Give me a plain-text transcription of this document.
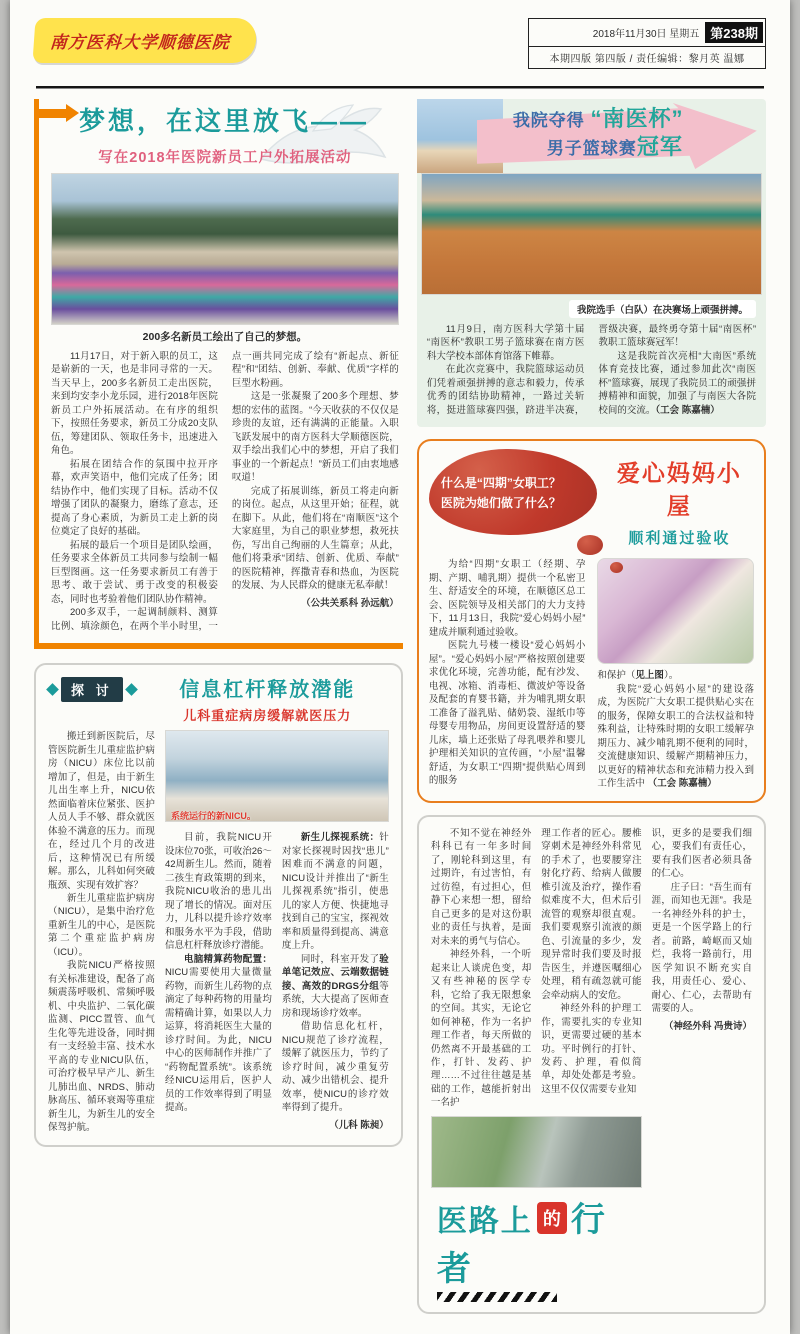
南方医科大学顺德医院	2018年11月30日 星期五 第238期
本期四版 第四版 / 责任编辑：黎月英 温娜
梦想，在这里放飞——
写在2018年医院新员工户外拓展活动

200多名新员工绘出了自己的梦想。

11月17日，对于新入职的员工，这是崭新的一天，也是非同寻常的一天。当天早上，200多名新员工走出医院，来到均安李小龙乐园，进行2018年医院新员工户外拓展活动。在有序的组织下，按照任务要求，新员工分成20支队伍，筹建团队、领取任务卡，迅速进入角色。

拓展在团结合作的氛围中拉开序幕，欢声笑语中，他们完成了任务；团结协作中，他们实现了目标。活动不仅增强了团队的凝聚力，磨练了意志，还提高了身心素质，为新员工走上新的岗位奠定了良好的基础。

拓展的最后一个项目是团队绘画，任务要求全体新员工共同参与绘制一幅巨型图画。这一任务要求新员工有善于思考、敢于尝试、勇于改变的积极姿态，同时也考验着他们团队协作精神。

200多双手，一起调制颜料、测算比例、填涂颜色，在两个半小时里，一点一画共同完成了绘有“新起点、新征程”和“团结、创新、奉献、优质”字样的巨型水粉画。

这是一张凝聚了200多个理想、梦想的宏伟的蓝图。“今天收获的不仅仅是珍贵的友谊，还有满满的正能量。入职飞跃发展中的南方医科大学顺德医院，双手绘出我们心中的梦想，开启了我们事业的一个新起点！”新员工们由衷地感叹道！

完成了拓展训练，新员工将走向新的岗位。起点，从这里开始；征程，就在脚下。从此，他们将在“南顺医”这个大家庭里，为自己的职业梦想，救死扶伤，写出自己绚丽的人生篇章；从此，他们将秉承“团结、创新、优质、奉献”的医院精神，挥撒青春和热血，为医院的发展、为人民群众的健康无私奉献！

（公共关系科 孙远航）
探 讨	信息杠杆释放潜能
儿科重症病房缓解就医压力

搬迁到新医院后，尽管医院新生儿重症监护病房（NICU）床位比以前增加了，但是，由于新生儿出生率上升，NICU依然面临着床位紧张、医护人员人手不够、群众就医体验不满意的压力。而现在，经过几个月的改进后，这种情况已有所缓解。那么，儿科如何突破瓶颈、实现有效扩容？

新生儿重症监护病房（NICU），是集中治疗危重新生儿的中心，是医院第二个重症监护病房（ICU）。

我院NICU严格按照有关标准建设，配备了高频震荡呼吸机、常频呼吸机、中央监护、二氧化碳监测、PICC置管、血气生化等先进设备，同时拥有一支经验丰富、技术水平高的专业NICU队伍，可治疗极早早产儿、新生儿肺出血、NRDS、肺动脉高压、循环衰竭等重症新生儿，为新生儿的安全保驾护航。

系统运行的新NICU。

目前，我院NICU开设床位70张，可收治26～42周新生儿。然而，随着二孩生育政策期的到来，我院NICU收治的患儿出现了增长的情况。面对压力，儿科以提升诊疗效率和服务水平为手段，借助信息杠杆释放诊疗潜能。

电脑精算药物配置：NICU需要使用大量微量药物，而新生儿药物的点滴定了每种药物的用量均需精确计算，如果以人力运算，将消耗医生大量的诊疗时间。为此，NICU中心的医师制作并推广了“药物配置系统”。该系统经NICU运用后，医护人员的工作效率得到了明显提高。

新生儿探视系统：针对家长探视时因找“患儿”困难而不满意的问题，NICU设计并推出了“新生儿探视系统”指引，使患儿的家人方便、快捷地寻找到自己的宝宝，探视效率和质量得到提高、满意度上升。

同时，科室开发了验单笔记效应、云端数据链接、高效的DRGS分组等系统，大大提高了医师查房和现场诊疗效率。

借助信息化杠杆，NICU规范了诊疗流程，缓解了就医压力，节约了诊疗时间，减少重复劳动、减少出错机会、提升效率，使NICU的诊疗效率得到了提升。

（儿科 陈昶）
我院夺得 “南医杯”
男子篮球赛冠军
我院选手（白队）在决赛场上顽强拼搏。

11月9日，南方医科大学第十届“南医杯”教职工男子篮球赛在南方医科大学校本部体育馆落下帷幕。

在此次竞赛中，我院篮球运动员们凭着顽强拼搏的意志和毅力，传承优秀的团结协助精神，一路过关斩将，挺进篮球赛四强，跻进半决赛，晋级决赛，最终勇夺第十届“南医杯”教职工篮球赛冠军！

这是我院首次亮相“大南医”系统体育竞技比赛，通过参加此次“南医杯”篮球赛，展现了我院员工的顽强拼搏精神和面貌，加强了与南医大各院校间的交流。（工会 陈嘉楠）

什么是“四期”女职工？

医院为她们做了什么？

爱心妈妈小屋
顺利通过验收

为给“四期”女职工（经期、孕期、产期、哺乳期）提供一个私密卫生、舒适安全的环境，在顺德区总工会、医院领导及相关部门的大力支持下，11月13日，我院“爱心妈妈小屋”建成并顺利通过验收。

医院九号楼一楼设“爱心妈妈小屋”。“爱心妈妈小屋”严格按照创建要求优化环境，完善功能，配有沙发、电视、冰箱、消毒柜、微波炉等设备及配套的育婴书籍，并为哺乳期女职工准备了溢乳贴、储奶袋、湿纸巾等母婴专用物品，房间更设置舒适的婴儿床，墙上还张贴了母乳喂养和婴儿护理相关知识的宣传画，“小屋”温馨舒适，为女职工“四期”提供贴心周到的服务

和保护（见上图）。

我院“爱心妈妈小屋”的建设落成，为医院广大女职工提供贴心实在的服务，保障女职工的合法权益和特殊利益，让特殊时期的女职工缓解孕期压力、减少哺乳期不便利的同时，交流健康知识、缓解产期精神压力，以更好的精神状态和充沛精力投入到工作生活中 （工会 陈嘉楠）

不知不觉在神经外科科已有一年多时间了，刚轮科到这里，有过期许，有过害怕，有过彷徨，有过担心，但静下心来想一想，留给自己更多的是对这份职业的责任与执着，是面对未来的勇气与信心。

神经外科，一个听起来让人谈虎色变，却又有些神秘的医学专科，它给了我无限想象的空间。其实，无论它如何神秘，作为一名护理工作者，每天所做的仍然离不开最基础的工作，打针、发药、护理……不过往往越是基础的工作，越能折射出一名护

理工作者的匠心。腰椎穿刺术是神经外科常见的手术了，也要腰穿注射化疗药、给病人做腰椎引流及治疗，操作看似难度不大，但术后引流管的观察却很直观。我们要观察引流液的颜色、引流量的多少，发现异常时我们要及时报告医生，并遵医嘱细心处理，稍有疏忽就可能会牵动病人的安危。

神经外科的护理工作，需要扎实的专业知识，更需要过硬的基本功。平时例行的打针、发药、护理，看似简单，却处处都是考验。这里不仅仅需要专业知

识，更多的是要我们细心，要我们有责任心，要有我们医者必须具备的仁心。

庄子曰：“吾生而有涯，而知也无涯”。我是一名神经外科的护士，更是一个医学路上的行者。前路，崎岖而又灿烂，我将一路前行，用医学知识不断充实自我，用责任心、爱心、耐心、仁心，去帮助有需要的人。

（神经外科 冯贵诗）
医路上 的 行者
